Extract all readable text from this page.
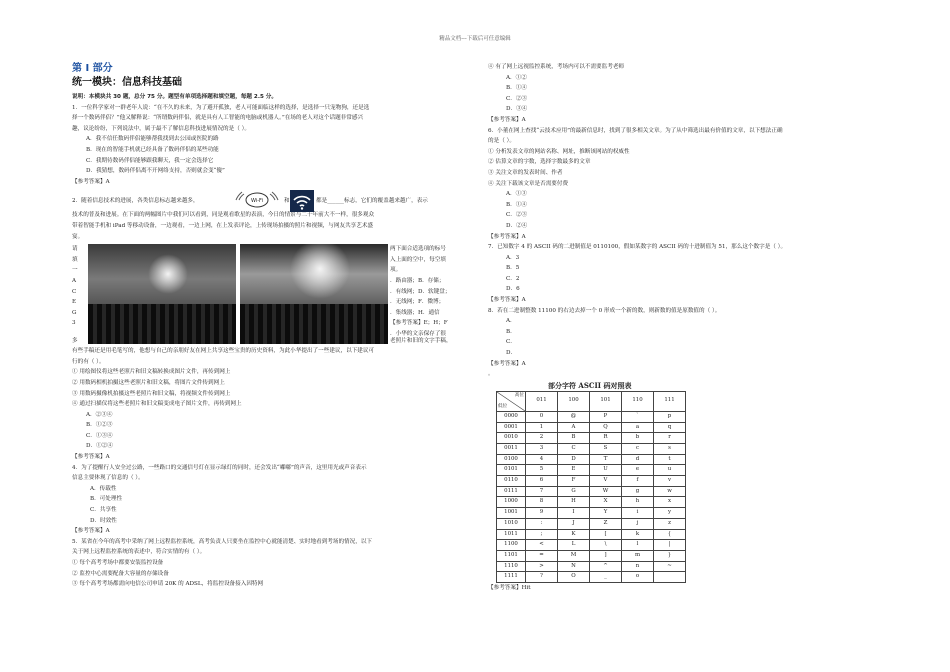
精品文档---下载后可任意编辑
第 I 部分
统一模块：信息科技基础
说明：本模块共 30 题，总分 75 分。题型有单项选择题和填空题，每题 2.5 分。

1．一位科学家对一群老年人说：“在不久的未来，为了避开孤独，老人可能面临这样的选择，是选择一只宠物狗，还是选

择一个数码伴侣？”他又解释说：“所谓数码伴侣，就是具有人工智能的电脑或机器人。”在场的老人对这个话题非常感兴

趣，议论纷纷，下列说法中，属于最不了解信息科技进展情况的是（ ）。

A．我不信任数码伴侣能够帮我找到去公园或医院的路

B．现在的智能手机就已经具备了数码伴侣的某些功能

C．我期待数码伴侣能够跟我聊天，我一定会选择它

D．我猜想，数码伴侣离不开网络支持，否则就会变“傻”

【参考答案】A

2．随着信息技术的进展，各类信息标志越来越多，	Wi-Fi	和	都是______标志，它们的覆盖越来越广，表示

技术的普及和进展。在下面的两幅图片中我们可以看到，同是观看歌星的表演，今日的情景与二十年前大不一样，很多观众

带着智能手机和 iPad 等移动设备，一边观看，一边上网，在上发表评论，上传现场拍摄的照片和视频，与网友共享艺术盛

宴。

请
填
一
A
C
E
G
3
两下面合适选项的标号
入上面的空中，每空填
项。
．路由器；B．存储；
．有线网；D．软键盘；
．无线网；F．微博；
．集线器；H．通信
【参考答案】E；H；F
．小华的文亲保存了很
多	老照片和旧的文字手稿，

有些手稿还是用毛笔写的，他想与自己的亲朋好友在网上共享这些宝贵的历史资料，为此小华提出了一些建议，以下建议可

行的有（ ）。

① 用绘图仪将这些老照片和旧文稿转换成图片文件，再传到网上

② 用数码相机拍摄这些老照片和旧文稿，将图片文件传到网上

③ 用数码摄像机拍摄这些老照片和旧文稿，将视频文件传到网上

④ 通过扫描仪将这些老照片和旧文稿变成电子图片文件，再传到网上

A．②③④

B．①②③

C．①③④

D．①②④

【参考答案】A

4．为了提醒行人安全过公路，一些路口的交通信号灯在显示绿灯的同时，还会发出“嘟嘟”的声音，这里用光或声音表示

信息主要体现了信息的（ ）。

A．传载性

B．可处理性

C．共享性

D．时效性

【参考答案】A

5．某省在今年的高考中采纳了网上远程监控系统，高考负责人只要坐在监控中心就能清楚、实时地看到考场的情况，以下

关于网上远程监控系统的表述中，符合实情的有（ ）。

① 每个高考考场中都要安装监控设备

② 监控中心需要配备大容量的存储设备

③ 每个高考考场都需向电信公司申请 20K 的 ADSL，将监控设备接入因特网

④ 有了网上远视监控系统，考场内可以不需要监考老师

A．①②

B．①④

C．②③

D．③④

【参考答案】A

6．小董在网上查找“云技术应用”的最新信息时，找到了很多相关文章。为了从中筛选出最有价值的文章，以下想法正确

的是（ ）。

① 分析发表文章的网站名称、网址，推断该网站的权威性

② 估算文章的字数，选择字数最多的文章

③ 关注文章的发表时间、作者

④ 关注下载该文章是否需要付费

A．①③

B．①④

C．②③

D．②④

【参考答案】A

7．已知数字 4 的 ASCII 码的二进制值是 0110100，假如某数字的 ASCII 码的十进制值为 51，那么这个数字是（ ）。

A．3

B．5

C．2

D．6

【参考答案】A

8．若在二进制整数 11100 的右边去掉一个 0 形成一个新的数，则新数的值是原数值的（ ）。

A．

B．

C．

D．

【参考答案】A

。

部分字符 ASCII 码对照表
高位
低位	011	100	101	110	111
0000	0	@	P	`	p
0001	1	A	Q	a	q
0010	2	B	R	b	r
0011	3	C	S	c	s
0100	4	D	T	d	t
0101	5	E	U	e	u
0110	6	F	V	f	v
0111	7	G	W	g	w
1000	8	H	X	h	x
1001	9	I	Y	i	y
1010	:	J	Z	j	z
1011	;	K	[	k	{
1100	<	L	\	l	|
1101	=	M	]	m	}
1110	>	N	^	n	~
1111	?	O	_	o	

【参考答案】Hit
